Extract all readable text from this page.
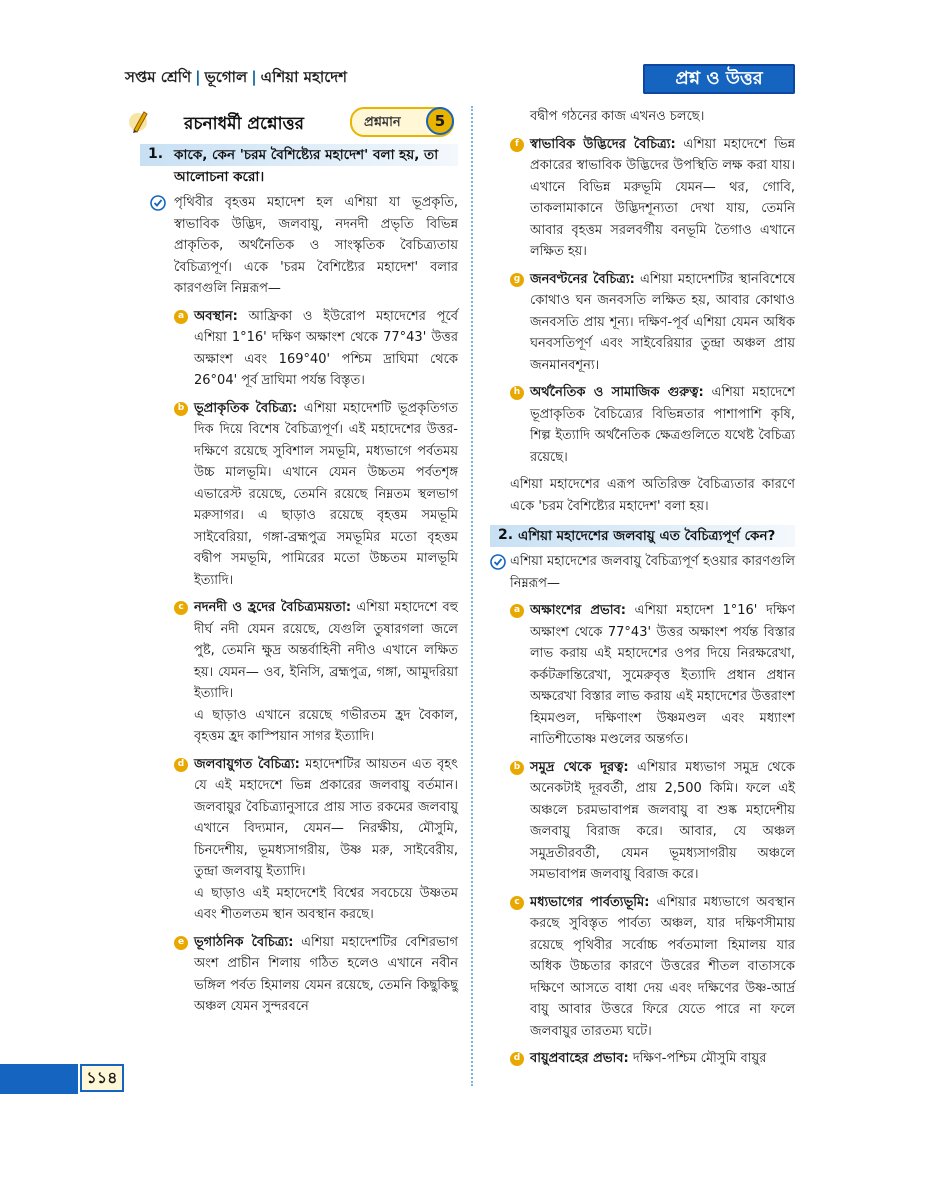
সপ্তম শ্রেণি | ভূগোল | এশিয়া মহাদেশ	প্রশ্ন ও উত্তর
রচনাধর্মী প্রশ্নোত্তর	প্রশ্নমান	5
1. কাকে, কেন 'চরম বৈশিষ্ট্যের মহাদেশ' বলা হয়, তা আলোচনা করো।

পৃথিবীর বৃহত্তম মহাদেশ হল এশিয়া যা ভূপ্রকৃতি, স্বাভাবিক উদ্ভিদ, জলবায়ু, নদনদী প্রভৃতি বিভিন্ন প্রাকৃতিক, অর্থনৈতিক ও সাংস্কৃতিক বৈচিত্র্যতায় বৈচিত্র্যপূর্ণ। একে 'চরম বৈশিষ্ট্যের মহাদেশ' বলার কারণগুলি নিম্নরূপ—
a অবস্থান: আফ্রিকা ও ইউরোপ মহাদেশের পূর্বে এশিয়া 1°16' দক্ষিণ অক্ষাংশ থেকে 77°43' উত্তর অক্ষাংশ এবং 169°40' পশ্চিম দ্রাঘিমা থেকে 26°04' পূর্ব দ্রাঘিমা পর্যন্ত বিস্তৃত।
b ভূপ্রাকৃতিক বৈচিত্র্য: এশিয়া মহাদেশটি ভূপ্রকৃতিগত দিক দিয়ে বিশেষ বৈচিত্র্যপূর্ণ। এই মহাদেশের উত্তর-দক্ষিণে রয়েছে সুবিশাল সমভূমি, মধ্যভাগে পর্বতময় উচ্চ মালভূমি। এখানে যেমন উচ্চতম পর্বতশৃঙ্গ এভারেস্ট রয়েছে, তেমনি রয়েছে নিম্নতম স্থলভাগ মরুসাগর। এ ছাড়াও রয়েছে বৃহত্তম সমভূমি সাইবেরিয়া, গঙ্গা-ব্রহ্মপুত্র সমভূমির মতো বৃহত্তম বদ্বীপ সমভূমি, পামিরের মতো উচ্চতম মালভূমি ইত্যাদি।
c নদনদী ও হ্রদের বৈচিত্র্যময়তা: এশিয়া মহাদেশে বহু দীর্ঘ নদী যেমন রয়েছে, যেগুলি তুষারগলা জলে পুষ্ট, তেমনি ক্ষুদ্র অন্তর্বাহিনী নদীও এখানে লক্ষিত হয়। যেমন— ওব, ইনিসি, ব্রহ্মপুত্র, গঙ্গা, আমুদরিয়া ইত্যাদি।

এ ছাড়াও এখানে রয়েছে গভীরতম হ্রদ বৈকাল, বৃহত্তম হ্রদ কাস্পিয়ান সাগর ইত্যাদি।

d জলবায়ুগত বৈচিত্র্য: মহাদেশটির আয়তন এত বৃহৎ যে এই মহাদেশে ভিন্ন প্রকারের জলবায়ু বর্তমান। জলবায়ুর বৈচিত্র্যানুসারে প্রায় সাত রকমের জলবায়ু এখানে বিদ্যমান, যেমন— নিরক্ষীয়, মৌসুমি, চিনদেশীয়, ভূমধ্যসাগরীয়, উষ্ণ মরু, সাইবেরীয়, তুন্দ্রা জলবায়ু ইত্যাদি।

এ ছাড়াও এই মহাদেশেই বিশ্বের সবচেয়ে উষ্ণতম এবং শীতলতম স্থান অবস্থান করছে।

e ভূগাঠনিক বৈচিত্র্য: এশিয়া মহাদেশটির বেশিরভাগ অংশ প্রাচীন শিলায় গঠিত হলেও এখানে নবীন ভঙ্গিল পর্বত হিমালয় যেমন রয়েছে, তেমনি কিছুকিছু অঞ্চল যেমন সুন্দরবনে

বদ্বীপ গঠনের কাজ এখনও চলছে।

f স্বাভাবিক উদ্ভিদের বৈচিত্র্য: এশিয়া মহাদেশে ভিন্ন প্রকারের স্বাভাবিক উদ্ভিদের উপস্থিতি লক্ষ করা যায়। এখানে বিভিন্ন মরুভূমি যেমন— থর, গোবি, তাকলামাকানে উদ্ভিদশূন্যতা দেখা যায়, তেমনি আবার বৃহত্তম সরলবর্গীয় বনভূমি তৈগাও এখানে লক্ষিত হয়।
g জনবণ্টনের বৈচিত্র্য: এশিয়া মহাদেশটির স্থানবিশেষে কোথাও ঘন জনবসতি লক্ষিত হয়, আবার কোথাও জনবসতি প্রায় শূন্য। দক্ষিণ-পূর্ব এশিয়া যেমন অধিক ঘনবসতিপূর্ণ এবং সাইবেরিয়ার তুন্দ্রা অঞ্চল প্রায় জনমানবশূন্য।
h অর্থনৈতিক ও সামাজিক গুরুত্ব: এশিয়া মহাদেশে ভূপ্রাকৃতিক বৈচিত্র্যের বিভিন্নতার পাশাপাশি কৃষি, শিল্প ইত্যাদি অর্থনৈতিক ক্ষেত্রগুলিতে যথেষ্ট বৈচিত্র্য রয়েছে।

এশিয়া মহাদেশের এরূপ অতিরিক্ত বৈচিত্র্যতার কারণে একে 'চরম বৈশিষ্ট্যের মহাদেশ' বলা হয়।

2. এশিয়া মহাদেশের জলবায়ু এত বৈচিত্র্যপূর্ণ কেন?

এশিয়া মহাদেশের জলবায়ু বৈচিত্র্যপূর্ণ হওয়ার কারণগুলি নিম্নরূপ—
a অক্ষাংশের প্রভাব: এশিয়া মহাদেশ 1°16' দক্ষিণ অক্ষাংশ থেকে 77°43' উত্তর অক্ষাংশ পর্যন্ত বিস্তার লাভ করায় এই মহাদেশের ওপর দিয়ে নিরক্ষরেখা, কর্কটক্রান্তিরেখা, সুমেরুবৃত্ত ইত্যাদি প্রধান প্রধান অক্ষরেখা বিস্তার লাভ করায় এই মহাদেশের উত্তরাংশ হিমমণ্ডল, দক্ষিণাংশ উষ্ণমণ্ডল এবং মধ্যাংশ নাতিশীতোষ্ণ মণ্ডলের অন্তর্গত।
b সমুদ্র থেকে দূরত্ব: এশিয়ার মধ্যভাগ সমুদ্র থেকে অনেকটাই দূরবর্তী, প্রায় 2,500 কিমি। ফলে এই অঞ্চলে চরমভাবাপন্ন জলবায়ু বা শুষ্ক মহাদেশীয় জলবায়ু বিরাজ করে। আবার, যে অঞ্চল সমুদ্রতীরবর্তী, যেমন ভূমধ্যসাগরীয় অঞ্চলে সমভাবাপন্ন জলবায়ু বিরাজ করে।
c মধ্যভাগের পার্বত্যভূমি: এশিয়ার মধ্যভাগে অবস্থান করছে সুবিস্তৃত পার্বত্য অঞ্চল, যার দক্ষিণসীমায় রয়েছে পৃথিবীর সর্বোচ্চ পর্বতমালা হিমালয় যার অধিক উচ্চতার কারণে উত্তরের শীতল বাতাসকে দক্ষিণে আসতে বাধা দেয় এবং দক্ষিণের উষ্ণ-আর্দ্র বায়ু আবার উত্তরে ফিরে যেতে পারে না ফলে জলবায়ুর তারতম্য ঘটে।
d বায়ুপ্রবাহের প্রভাব: দক্ষিণ-পশ্চিম মৌসুমি বায়ুর
১১৪
